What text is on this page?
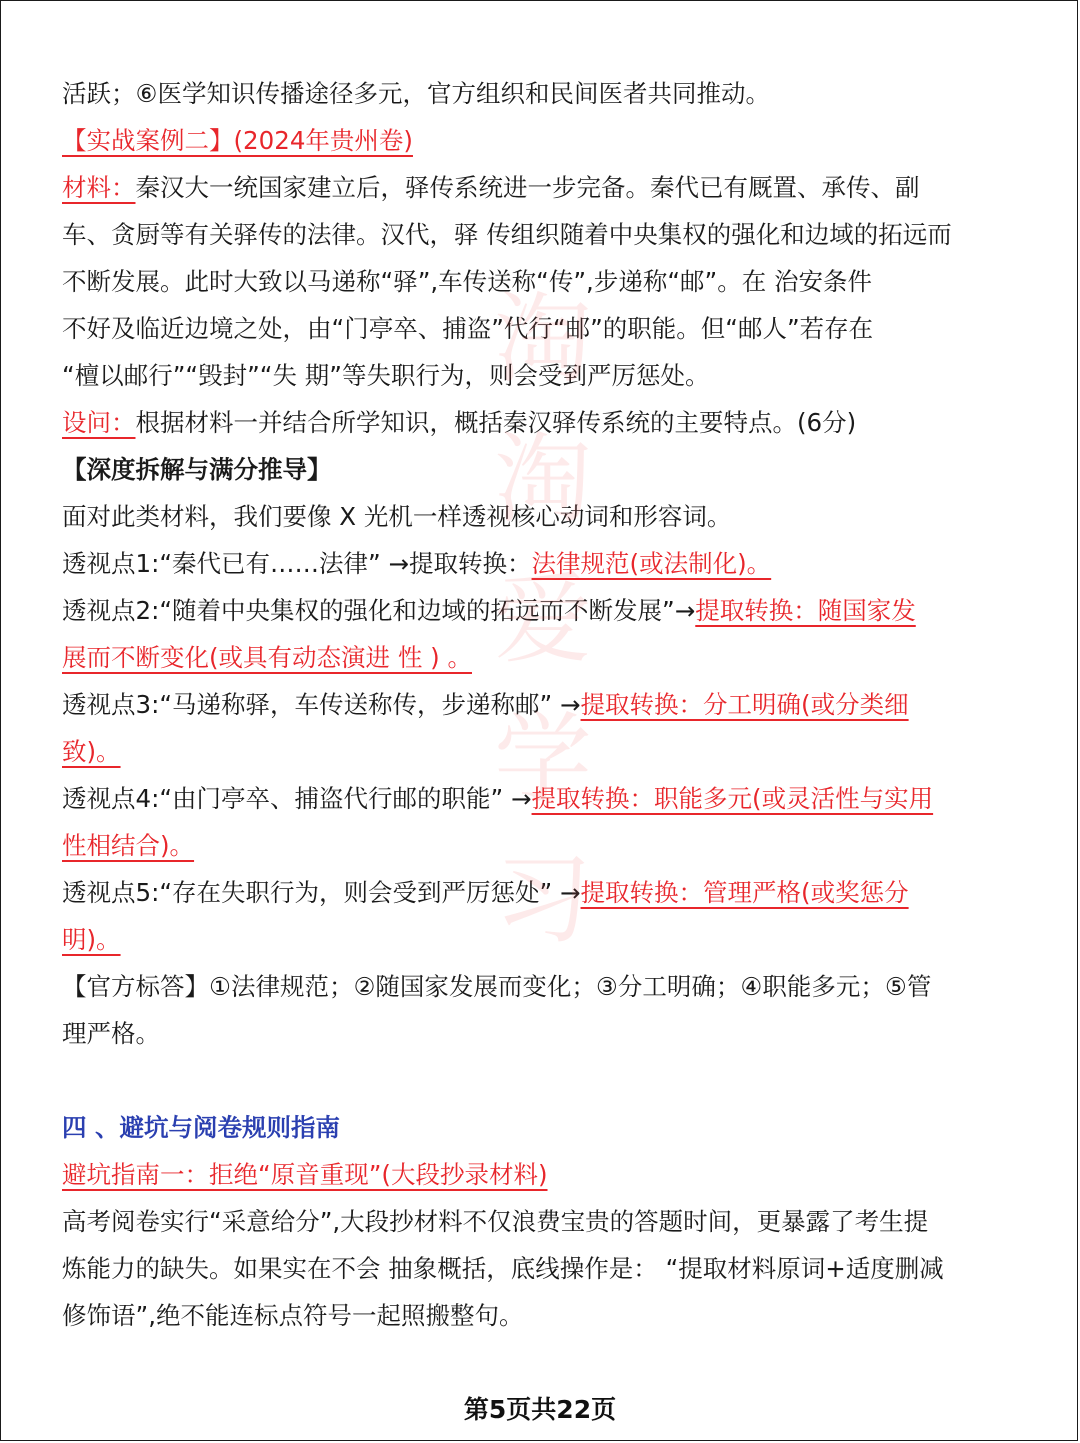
活跃；⑥医学知识传播途径多元，官方组织和民间医者共同推动。

【实战案例二】(2024年贵州卷)

材料：秦汉大一统国家建立后，驿传系统进一步完备。秦代已有厩置、承传、副

车、贪厨等有关驿传的法律。汉代，驿 传组织随着中央集权的强化和边域的拓远而

不断发展。此时大致以马递称“驿”,车传送称“传”,步递称“邮”。在 治安条件

不好及临近边境之处，由“门亭卒、捕盗”代行“邮”的职能。但“邮人”若存在

“檀以邮行”“毁封”“失 期”等失职行为，则会受到严厉惩处。

设问：根据材料一并结合所学知识，概括秦汉驿传系统的主要特点。(6分)

【深度拆解与满分推导】

面对此类材料，我们要像 X 光机一样透视核心动词和形容词。

透视点1:“秦代已有……法律” →提取转换：法律规范(或法制化)。

透视点2:“随着中央集权的强化和边域的拓远而不断发展”→提取转换：随国家发

展而不断变化(或具有动态演进 性 ) 。

透视点3:“马递称驿，车传送称传，步递称邮” →提取转换：分工明确(或分类细

致)。

透视点4:“由门亭卒、捕盗代行邮的职能” →提取转换：职能多元(或灵活性与实用

性相结合)。

透视点5:“存在失职行为，则会受到严厉惩处” →提取转换：管理严格(或奖惩分

明)。

【官方标答】①法律规范；②随国家发展而变化；③分工明确；④职能多元；⑤管

理严格。

四 、避坑与阅卷规则指南

避坑指南一：拒绝“原音重现”(大段抄录材料)

高考阅卷实行“采意给分”,大段抄材料不仅浪费宝贵的答题时间，更暴露了考生提

炼能力的缺失。如果实在不会 抽象概括，底线操作是： “提取材料原词+适度删减

修饰语”,绝不能连标点符号一起照搬整句。

淘
淘
爱
学
习
第5页共22页
